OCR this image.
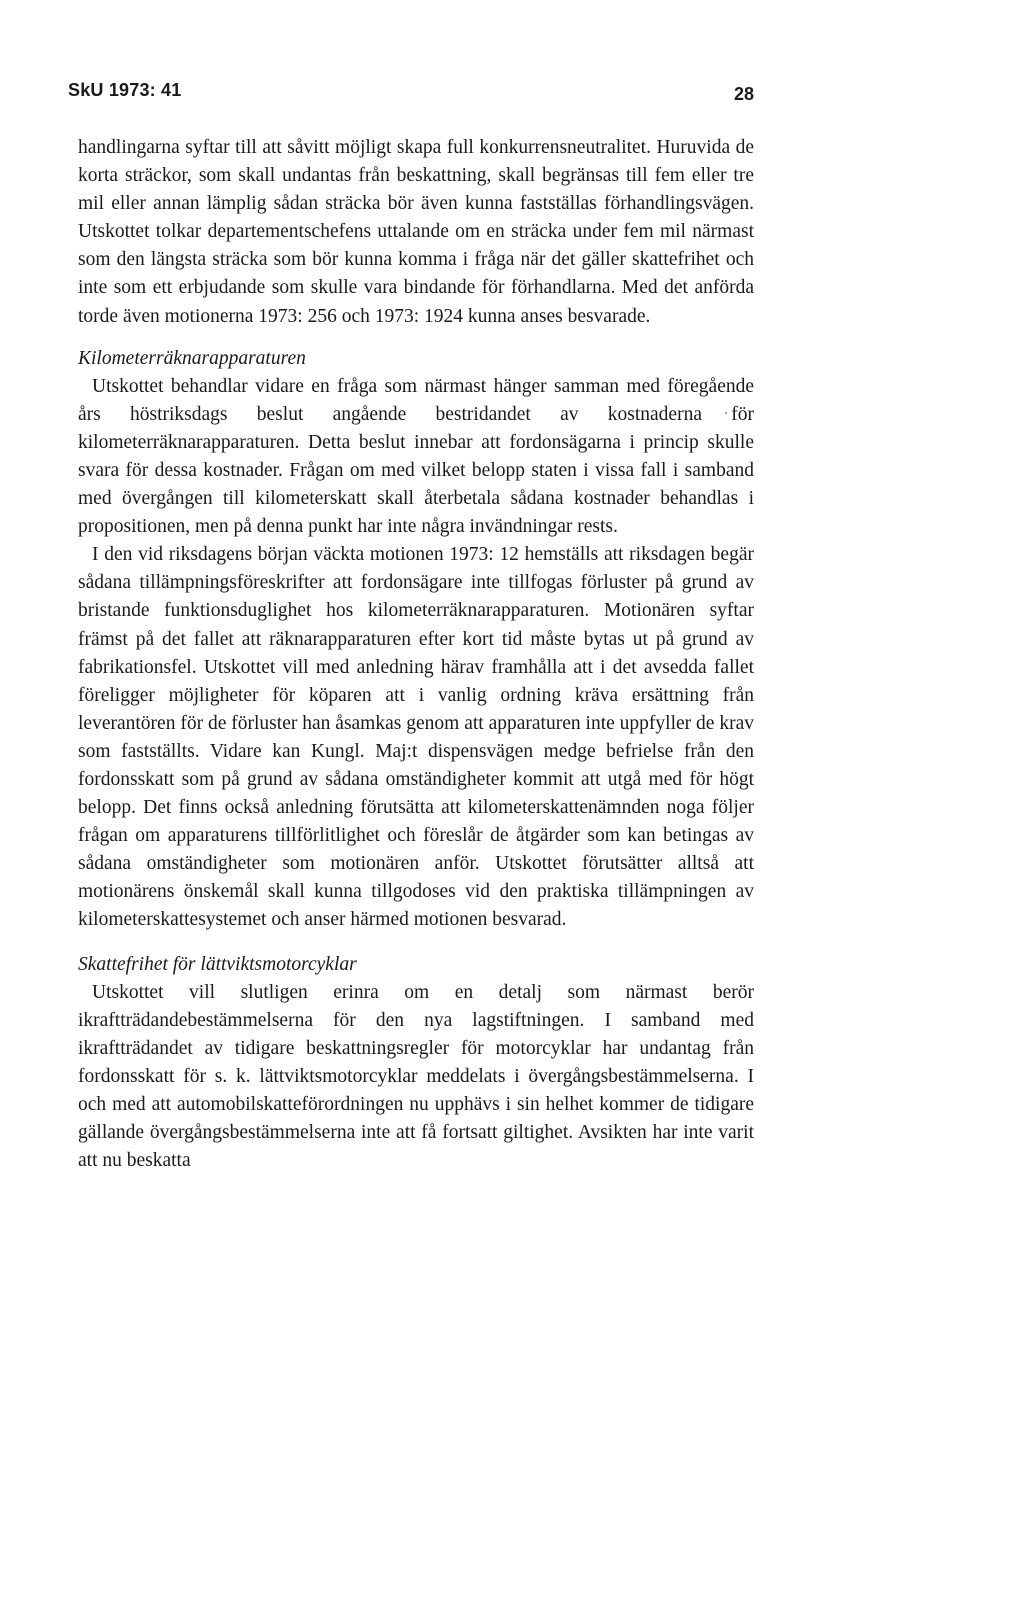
SkU 1973: 41	28

handlingarna syftar till att såvitt möjligt skapa full konkurrensneutralitet. Huruvida de korta sträckor, som skall undantas från beskattning, skall begränsas till fem eller tre mil eller annan lämplig sådan sträcka bör även kunna fastställas förhandlingsvägen. Utskottet tolkar departementschefens uttalande om en sträcka under fem mil närmast som den längsta sträcka som bör kunna komma i fråga när det gäller skattefrihet och inte som ett erbjudande som skulle vara bindande för förhandlarna. Med det anförda torde även motionerna 1973: 256 och 1973: 1924 kunna anses besvarade.

Kilometerräknarapparaturen

Utskottet behandlar vidare en fråga som närmast hänger samman med föregående års höstriksdags beslut angående bestridandet av kostnaderna för kilometerräknarapparaturen. Detta beslut innebar att fordonsägarna i princip skulle svara för dessa kostnader. Frågan om med vilket belopp staten i vissa fall i samband med övergången till kilometerskatt skall återbetala sådana kostnader behandlas i propositionen, men på denna punkt har inte några invändningar rests.

I den vid riksdagens början väckta motionen 1973: 12 hemställs att riksdagen begär sådana tillämpningsföreskrifter att fordonsägare inte tillfogas förluster på grund av bristande funktionsduglighet hos kilometerräknarapparaturen. Motionären syftar främst på det fallet att räknarapparaturen efter kort tid måste bytas ut på grund av fabrikationsfel. Utskottet vill med anledning härav framhålla att i det avsedda fallet föreligger möjligheter för köparen att i vanlig ordning kräva ersättning från leverantören för de förluster han åsamkas genom att apparaturen inte uppfyller de krav som fastställts. Vidare kan Kungl. Maj:t dispensvägen medge befrielse från den fordonsskatt som på grund av sådana omständigheter kommit att utgå med för högt belopp. Det finns också anledning förutsätta att kilometerskattenämnden noga följer frågan om apparaturens tillförlitlighet och föreslår de åtgärder som kan betingas av sådana omständigheter som motionären anför. Utskottet förutsätter alltså att motionärens önskemål skall kunna tillgodoses vid den praktiska tillämpningen av kilometerskattesystemet och anser härmed motionen besvarad.

Skattefrihet för lättviktsmotorcyklar

Utskottet vill slutligen erinra om en detalj som närmast berör ikraftträdandebestämmelserna för den nya lagstiftningen. I samband med ikraftträdandet av tidigare beskattningsregler för motorcyklar har undantag från fordonsskatt för s. k. lättviktsmotorcyklar meddelats i övergångsbestämmelserna. I och med att automobilskatteförordningen nu upphävs i sin helhet kommer de tidigare gällande övergångsbestämmelserna inte att få fortsatt giltighet. Avsikten har inte varit att nu beskatta
